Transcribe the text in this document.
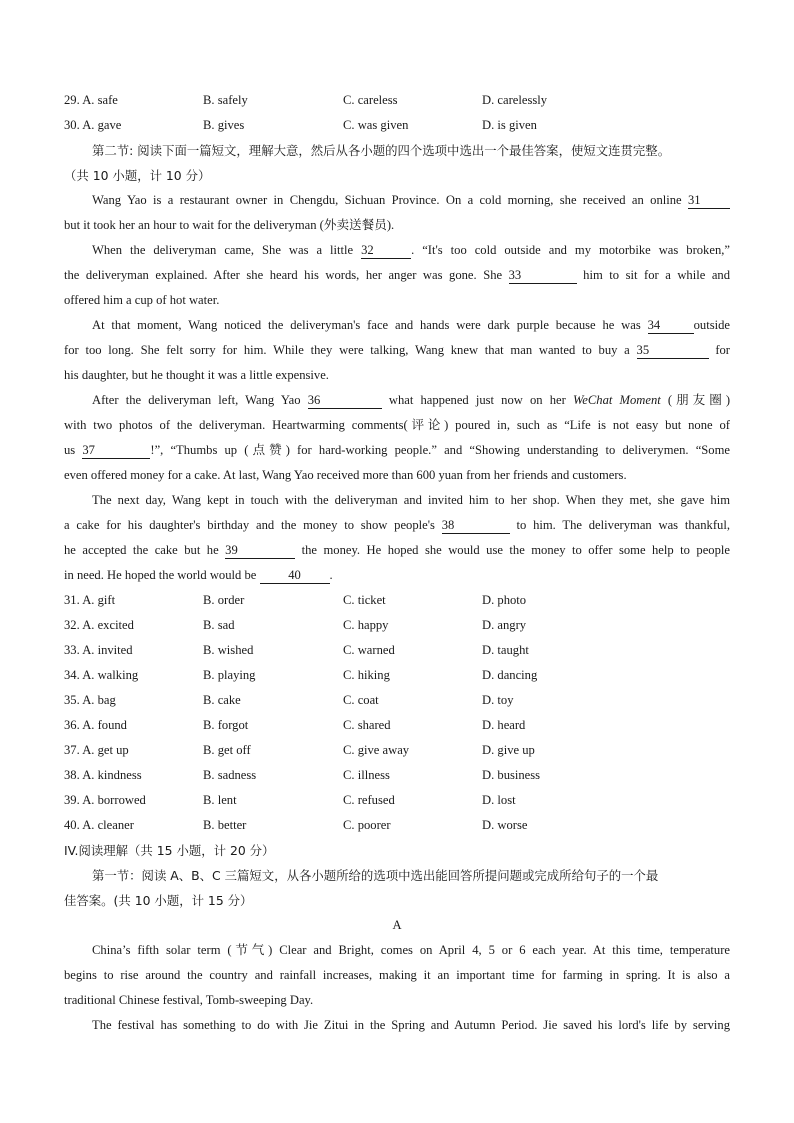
29. A. safe	B. safely	C. careless	D. carelessly
30. A. gave	B. gives	C. was given	D. is given
第二节: 阅读下面一篇短文，理解大意，然后从各小题的四个选项中选出一个最佳答案，使短文连贯完整。
（共 10 小题，计 10 分）
Wang Yao is a restaurant owner in Chengdu, Sichuan Province. On a cold morning, she received an online 31
but it took her an hour to wait for the deliveryman (外卖送餐员).
When the deliveryman came, She was a little 32	. “It's too cold outside and my motorbike was broken,”
the deliveryman explained. After she heard his words, her anger was gone. She 33	him to sit for a while and
offered him a cup of hot water.
At that moment, Wang noticed the deliveryman's face and hands were dark purple because he was 34	outside
for too long. She felt sorry for him. While they were talking, Wang knew that man wanted to buy a 35	for
his daughter, but he thought it was a little expensive.
After the deliveryman left, Wang Yao 36	what happened just now on her WeChat Moment (朋友圈)
with two photos of the deliveryman. Heartwarming comments(评论) poured in, such as “Life is not easy but none of
us 37	!”, “Thumbs up (点赞) for hard-working people.” and “Showing understanding to deliverymen. “Some
even offered money for a cake. At last, Wang Yao received more than 600 yuan from her friends and customers.
The next day, Wang kept in touch with the deliveryman and invited him to her shop. When they met, she gave him
a cake for his daughter's birthday and the money to show people's 38	to him. The deliveryman was thankful,
he accepted the cake but he 39	the money. He hoped she would use the money to offer some help to people
in need. He hoped the world would be	40 .
31. A. gift	B. order	C. ticket	D. photo
32. A. excited	B. sad	C. happy	D. angry
33. A. invited	B. wished	C. warned	D. taught
34. A. walking	B. playing	C. hiking	D. dancing
35. A. bag	B. cake	C. coat	D. toy
36. A. found	B. forgot	C. shared	D. heard
37. A. get up	B. get off	C. give away	D. give up
38. A. kindness	B. sadness	C. illness	D. business
39. A. borrowed	B. lent	C. refused	D. lost
40. A. cleaner	B. better	C. poorer	D. worse
IV.阅读理解（共 15 小题，计 20 分）
第一节：阅读 A、B、C 三篇短文，从各小题所给的选项中选出能回答所提问题或完成所给句子的一个最
佳答案。(共 10 小题，计 15 分）
A
China’s fifth solar term (节气) Clear and Bright, comes on April 4, 5 or 6 each year. At this time, temperature
begins to rise around the country and rainfall increases, making it an important time for farming in spring. It is also a
traditional Chinese festival, Tomb-sweeping Day.
The festival has something to do with Jie Zitui in the Spring and Autumn Period. Jie saved his lord's life by serving
